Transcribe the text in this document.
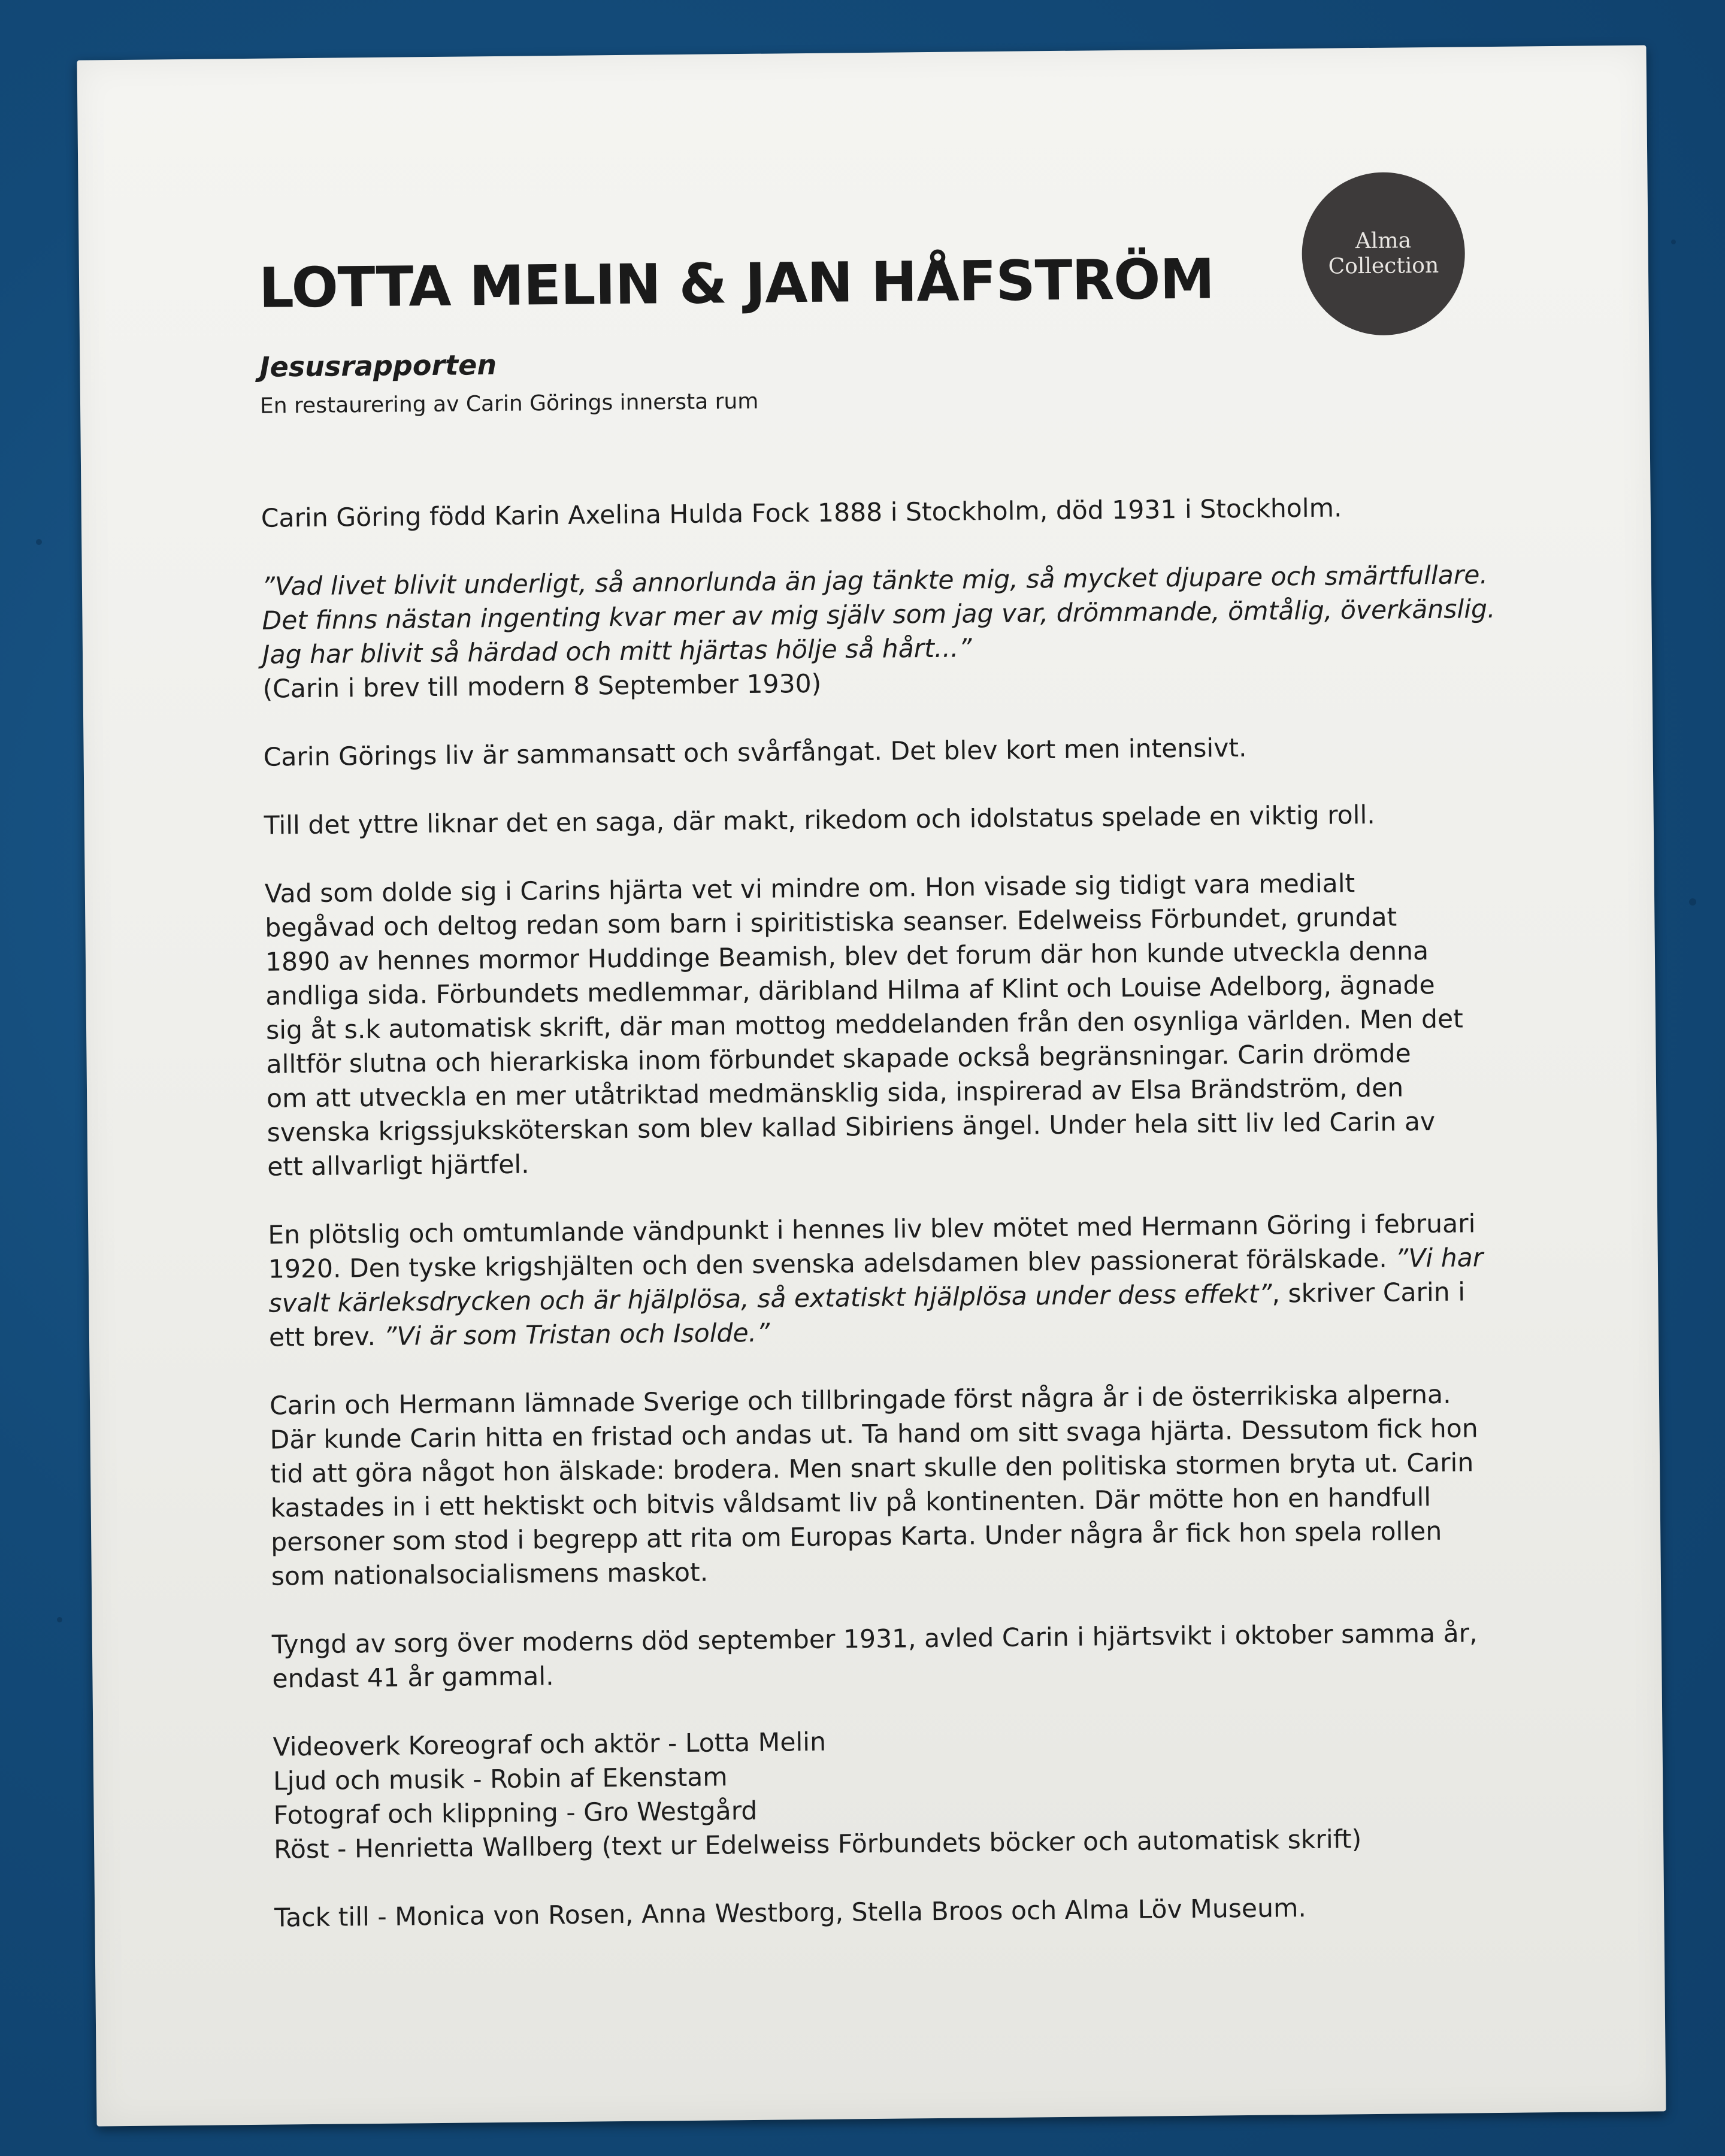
Alma
Collection
LOTTA MELIN & JAN HÅFSTRÖM
Jesusrapporten
En restaurering av Carin Görings innersta rum

Carin Göring född Karin Axelina Hulda Fock 1888 i Stockholm, död 1931 i Stockholm.

”Vad livet blivit underligt, så annorlunda än jag tänkte mig, så mycket djupare och smärtfullare.
Det finns nästan ingenting kvar mer av mig själv som jag var, drömmande, ömtålig, överkänslig.
Jag har blivit så härdad och mitt hjärtas hölje så hårt...”
(Carin i brev till modern 8 September 1930)

Carin Görings liv är sammansatt och svårfångat. Det blev kort men intensivt.

Till det yttre liknar det en saga, där makt, rikedom och idolstatus spelade en viktig roll.

Vad som dolde sig i Carins hjärta vet vi mindre om. Hon visade sig tidigt vara medialt
begåvad och deltog redan som barn i spiritistiska seanser. Edelweiss Förbundet, grundat
1890 av hennes mormor Huddinge Beamish, blev det forum där hon kunde utveckla denna
andliga sida. Förbundets medlemmar, däribland Hilma af Klint och Louise Adelborg, ägnade
sig åt s.k automatisk skrift, där man mottog meddelanden från den osynliga världen. Men det
alltför slutna och hierarkiska inom förbundet skapade också begränsningar. Carin drömde
om att utveckla en mer utåtriktad medmänsklig sida, inspirerad av Elsa Brändström, den
svenska krigssjuksköterskan som blev kallad Sibiriens ängel. Under hela sitt liv led Carin av
ett allvarligt hjärtfel.

En plötslig och omtumlande vändpunkt i hennes liv blev mötet med Hermann Göring i februari
1920. Den tyske krigshjälten och den svenska adelsdamen blev passionerat förälskade. ”Vi har
svalt kärleksdrycken och är hjälplösa, så extatiskt hjälplösa under dess effekt”, skriver Carin i
ett brev. ”Vi är som Tristan och Isolde.”

Carin och Hermann lämnade Sverige och tillbringade först några år i de österrikiska alperna.
Där kunde Carin hitta en fristad och andas ut. Ta hand om sitt svaga hjärta. Dessutom fick hon
tid att göra något hon älskade: brodera. Men snart skulle den politiska stormen bryta ut. Carin
kastades in i ett hektiskt och bitvis våldsamt liv på kontinenten. Där mötte hon en handfull
personer som stod i begrepp att rita om Europas Karta. Under några år fick hon spela rollen
som nationalsocialismens maskot.

Tyngd av sorg över moderns död september 1931, avled Carin i hjärtsvikt i oktober samma år,
endast 41 år gammal.

Videoverk Koreograf och aktör - Lotta Melin

Ljud och musik - Robin af Ekenstam

Fotograf och klippning - Gro Westgård

Röst - Henrietta Wallberg (text ur Edelweiss Förbundets böcker och automatisk skrift)

Tack till - Monica von Rosen, Anna Westborg, Stella Broos och Alma Löv Museum.
